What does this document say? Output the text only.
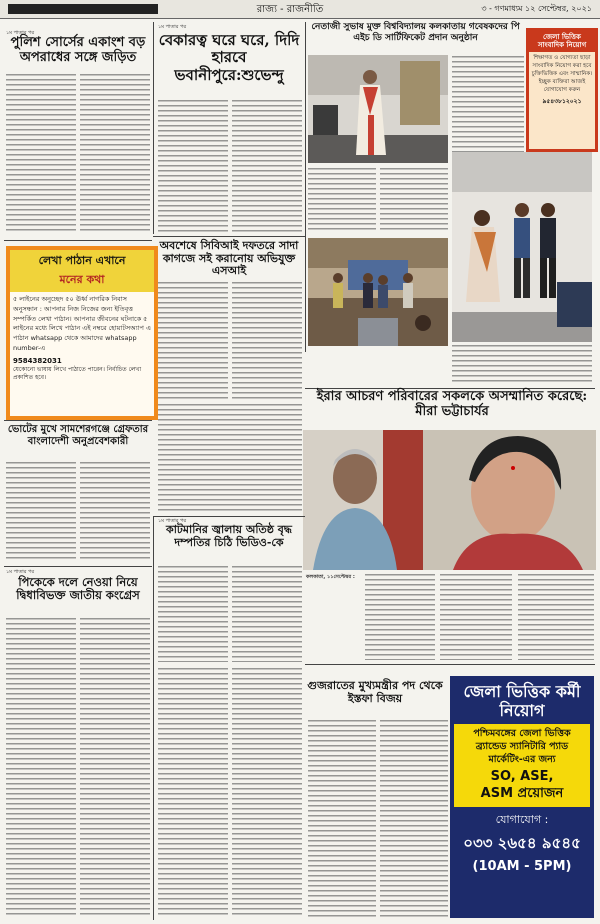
রাজ্য - রাজনীতি	৩ - গণমাধ্যম ১২ সেপ্টেম্বর, ২০২১
১ম পাতার পর
পুলিশ সোর্সের একাংশ বড় অপরাধের সঙ্গে জড়িত
১ম পাতার পর
বেকারত্ব ঘরে ঘরে, দিদি হারবে ভবানীপুরে:শুভেন্দু
নেতাজী সুভাষ মুক্ত বিশ্ববিদ্যালয় কলকাতায় গবেষকদের পি এইচ ডি সার্টিফিকেট প্রদান অনুষ্ঠান	জেলা ভিত্তিক সাংবাদিক নিয়োগ
শিক্ষাগত ও যোগ্যতা ছাড়া সাংবাদিক নিয়োগ করা হবে চুক্তিভিত্তিক এবং সাম্মানিক। ইচ্ছুক ব্যক্তিরা আজই যোগাযোগ করুন
৯৫৪৩৮১২০২১
লেখা পাঠান এখানে
মনের কথা
৫ লাইনের অনুচ্ছেদ ৫০ ঊর্ধ্ব নাগরিক নিবাস অনুসন্ধান : আপনার নিজ নিজের জন্য ইতিবৃত্ত সম্পর্কিত লেখা পাঠান। আপনার জীবনের ঘটনাকে ৫ লাইনের মধ্যে লিখে পাঠান এই নম্বরে হোয়াটসঅ্যাপ এ পাঠান whatsapp থেকে আমাদের whatsapp number-এ
9584382031
যেকোনো ভাষায় লিখে পাঠাতে পারেন। নির্বাচিত লেখা প্রকাশিত হবে।
অবশেষে সিবিআই দফতরে সাদা কাগজে সই করানোয় অভিযুক্ত এসআই
ইরার আচরণ পরিবারের সকলকে অসম্মানিত করেছে: মীরা ভট্টাচার্যর
কলকাতা, ১১সেপ্টেম্বর :
ভোটের মুখে সামশেরগঞ্জে গ্রেফতার বাংলাদেশী অনুপ্রবেশকারী
১ম পাতার পর
কাটমানির জ্বালায় অতিষ্ঠ বৃদ্ধ দম্পতির চিঠি ভিডিও-কে
১ম পাতার পর
পিকেকে দলে নেওয়া নিয়ে দ্বিধাবিভক্ত জাতীয় কংগ্রেস
গুজরাতের মুখ্যমন্ত্রীর পদ থেকে ইস্তফা বিজয়	জেলা ভিত্তিক কর্মী নিয়োগ
পশ্চিমবঙ্গের জেলা ভিত্তিক
ব্র্যান্ডেড স্যানিটারি প্যাড
মার্কেটিং-এর জন্য
SO, ASE,
ASM প্রয়োজন
যোগাযোগ :
০৩৩ ২৬৫৪ ৯৫৪৫
(10AM - 5PM)
